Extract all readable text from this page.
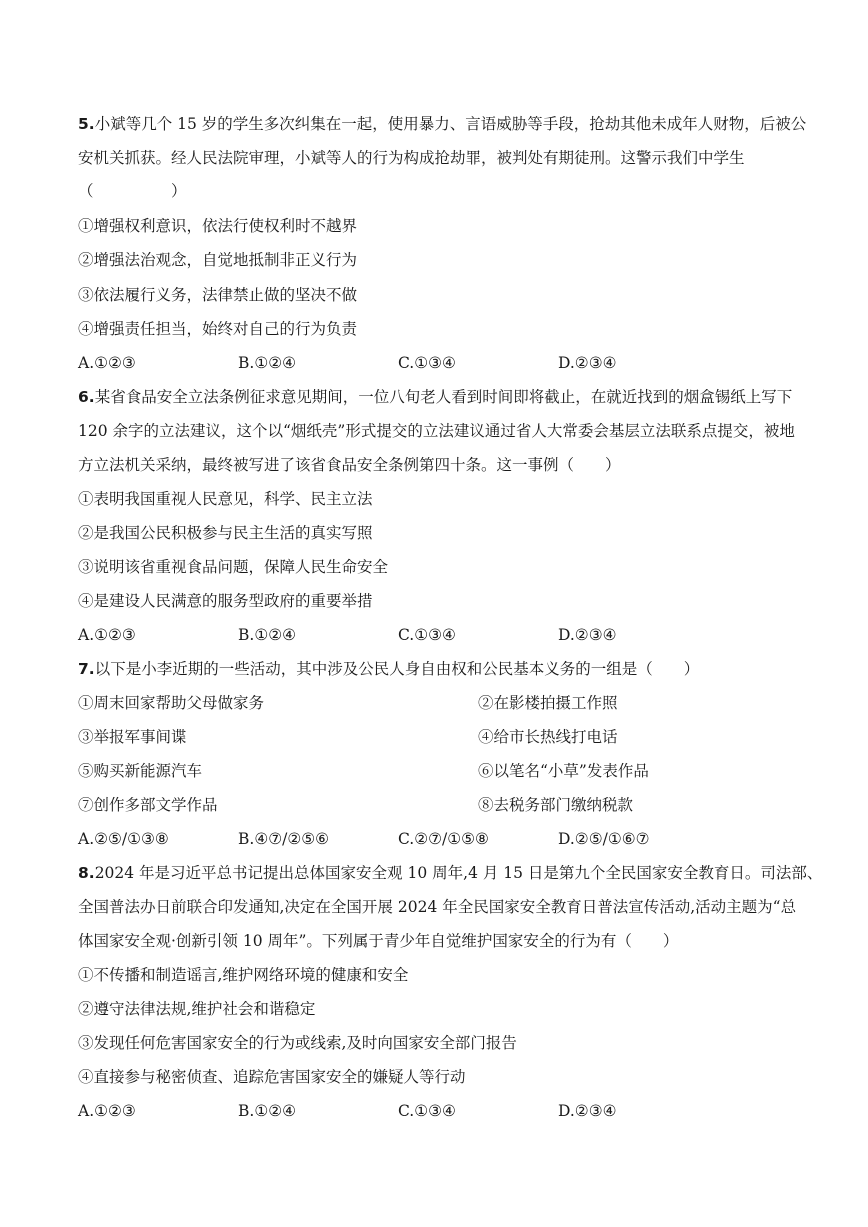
5.小斌等几个 15 岁的学生多次纠集在一起，使用暴力、言语威胁等手段，抢劫其他未成年人财物，后被公
安机关抓获。经人民法院审理，小斌等人的行为构成抢劫罪，被判处有期徒刑。这警示我们中学生
（　　　　　）
①增强权利意识，依法行使权利时不越界
②增强法治观念，自觉地抵制非正义行为
③依法履行义务，法律禁止做的坚决不做
④增强责任担当，始终对自己的行为负责
A.①②③	B.①②④	C.①③④	D.②③④
6.某省食品安全立法条例征求意见期间，一位八旬老人看到时间即将截止，在就近找到的烟盒锡纸上写下
120 余字的立法建议，这个以“烟纸壳”形式提交的立法建议通过省人大常委会基层立法联系点提交，被地
方立法机关采纳，最终被写进了该省食品安全条例第四十条。这一事例（　　）
①表明我国重视人民意见，科学、民主立法
②是我国公民积极参与民主生活的真实写照
③说明该省重视食品问题，保障人民生命安全
④是建设人民满意的服务型政府的重要举措
A.①②③	B.①②④	C.①③④	D.②③④
7.以下是小李近期的一些活动，其中涉及公民人身自由权和公民基本义务的一组是（　　）
①周末回家帮助父母做家务	②在影楼拍摄工作照
③举报军事间谍	④给市长热线打电话
⑤购买新能源汽车	⑥以笔名“小草”发表作品
⑦创作多部文学作品	⑧去税务部门缴纳税款
A.②⑤/①③⑧	B.④⑦/②⑤⑥	C.②⑦/①⑤⑧	D.②⑤/①⑥⑦
8.2024 年是习近平总书记提出总体国家安全观 10 周年,4 月 15 日是第九个全民国家安全教育日。司法部、
全国普法办日前联合印发通知,决定在全国开展 2024 年全民国家安全教育日普法宣传活动,活动主题为“总
体国家安全观·创新引领 10 周年”。下列属于青少年自觉维护国家安全的行为有（　　）
①不传播和制造谣言,维护网络环境的健康和安全
②遵守法律法规,维护社会和谐稳定
③发现任何危害国家安全的行为或线索,及时向国家安全部门报告
④直接参与秘密侦查、追踪危害国家安全的嫌疑人等行动
A.①②③	B.①②④	C.①③④	D.②③④
